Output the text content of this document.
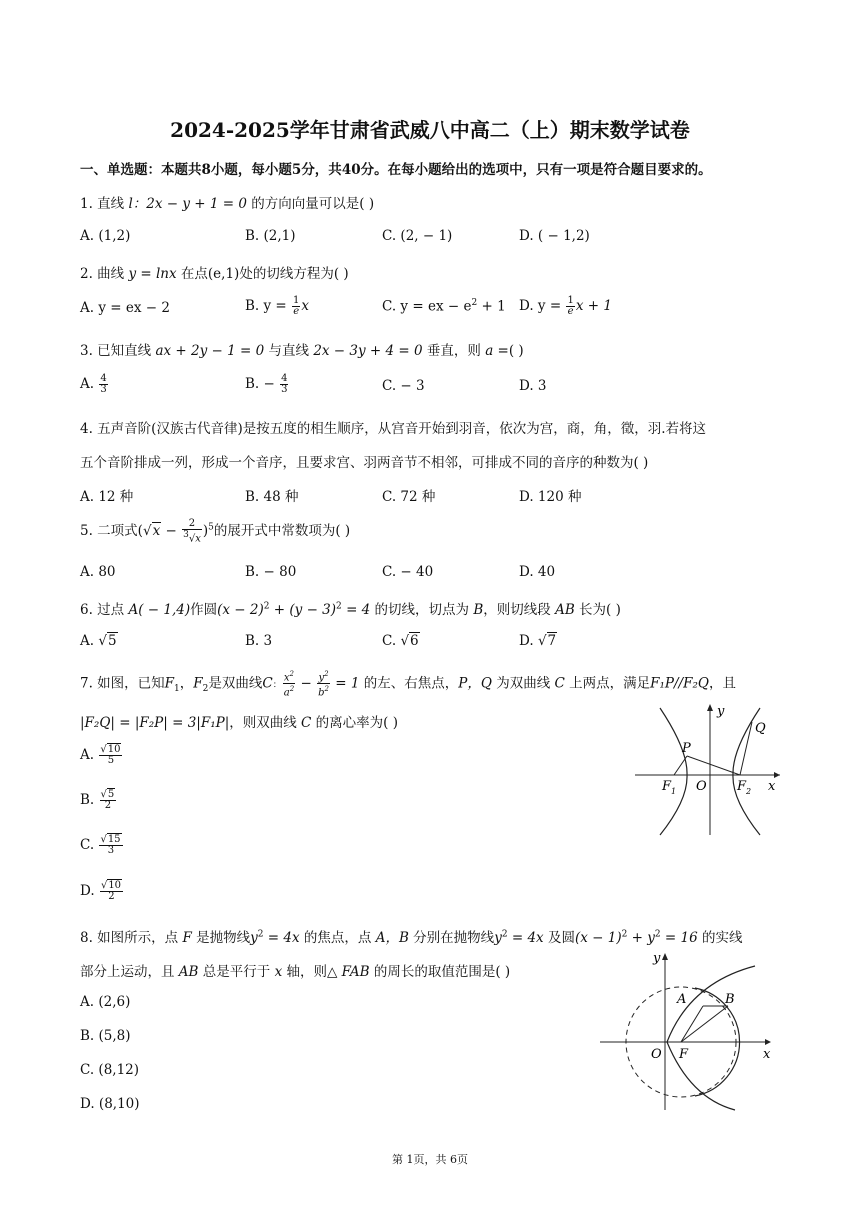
2024-2025学年甘肃省武威八中高二（上）期末数学试卷
一、单选题：本题共8小题，每小题5分，共40分。在每小题给出的选项中，只有一项是符合题目要求的。
1. 直线 l：2x − y + 1 = 0 的方向向量可以是( )
A. (1,2)	B. (2,1)	C. (2, − 1)	D. ( − 1,2)
2. 曲线 y = lnx 在点(e,1)处的切线方程为( )
A. y = ex − 2	B. $y = \frac{1}{e}$ x	C. y = ex − $e^2 + 1$ D. $y = \frac{1}{e}$ x + 1
3. 已知直线 ax + 2y − 1 = 0 与直线 2x − 3y + 4 = 0 垂直，则 a =( )
A. $\frac{4}{3}$	B. − $\frac{4}{3}$	C. − 3	D. 3
4. 五声音阶(汉族古代音律)是按五度的相生顺序，从宫音开始到羽音，依次为宫，商，角，徵，羽.若将这
五个音阶排成一列，形成一个音序，且要求宫、羽两音节不相邻，可排成不同的音序的种数为( )
A. 12 种	B. 48 种	C. 72 种	D. 120 种
5. 二项式$(√x - \frac{2}{^3√x} )^5$的展开式中常数项为( )
A. 80	B. − 80	C. − 40	D. 40
6. 过点 A( − 1,4)作圆$(x - 2)^2 + (y - 3)^2 = 4$ 的切线，切点为 B，则切线段 AB 长为( )
A. √5	B. 3	C. √6	D. √7
7. 如图，已知$F_1$，$F_2$是双曲线C： $\frac{x^2}{a^2} - \frac{y^2}{b^2} = 1$ 的左、右焦点，P，Q 为双曲线 C 上两点，满足F₁P//F₂Q，且
|F₂Q| = |F₂P| = 3|F₁P|，则双曲线 C 的离心率为( )
A. $\frac{√10}{5}$
B. $\frac{√5}{2}$
C. $\frac{√15}{3}$
D. $\frac{√10}{2}$
P
Q
y
x
O
F 1	F 2
8. 如图所示，点 F 是抛物线$y^2 = 4x$ 的焦点，点 A，B 分别在抛物线$y^2 = 4x$ 及圆$(x - 1)^2 + y^2 = 16$ 的实线
部分上运动，且 AB 总是平行于 x 轴，则△ FAB 的周长的取值范围是( )
A. (2,6)
B. (5,8)
C. (8,12)
D. (8,10)
A	B
y
x
O F
第 1页，共 6页
